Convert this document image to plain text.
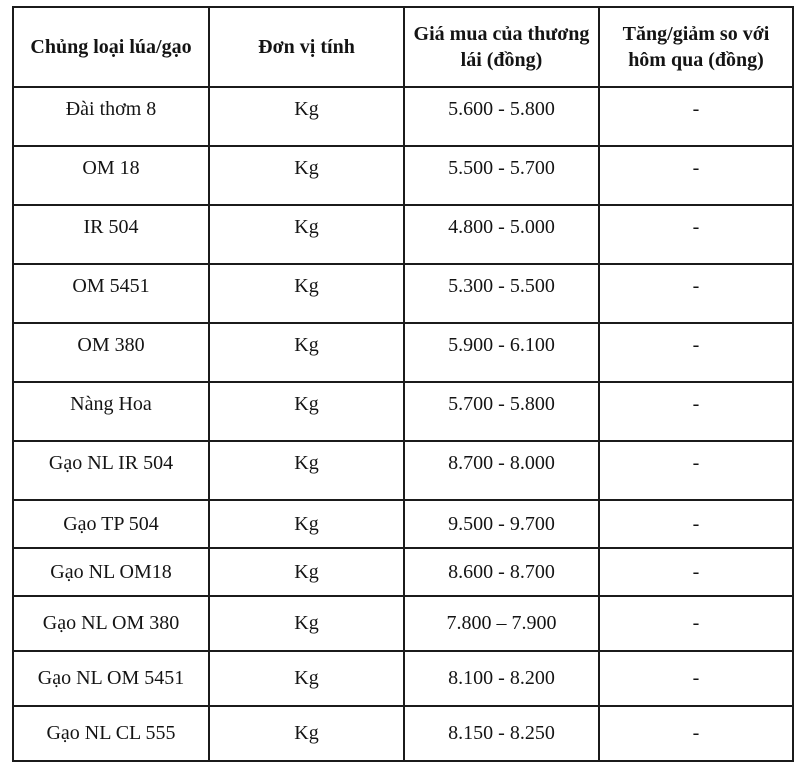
Chủng loại lúa/gạo	Đơn vị tính	Giá mua của thương lái (đồng)	Tăng/giảm so với hôm qua (đồng)
Đài thơm 8	Kg	5.600 - 5.800	-
OM 18	Kg	5.500 - 5.700	-
IR 504	Kg	4.800 - 5.000	-
OM 5451	Kg	5.300 - 5.500	-
OM 380	Kg	5.900 - 6.100	-
Nàng Hoa	Kg	5.700 - 5.800	-
Gạo NL IR 504	Kg	8.700 - 8.000	-
Gạo TP 504	Kg	9.500 - 9.700	-
Gạo NL OM18	Kg	8.600 - 8.700	-
Gạo NL OM 380	Kg	7.800 – 7.900	-
Gạo NL OM 5451	Kg	8.100 - 8.200	-
Gạo NL CL 555	Kg	8.150 - 8.250	-
